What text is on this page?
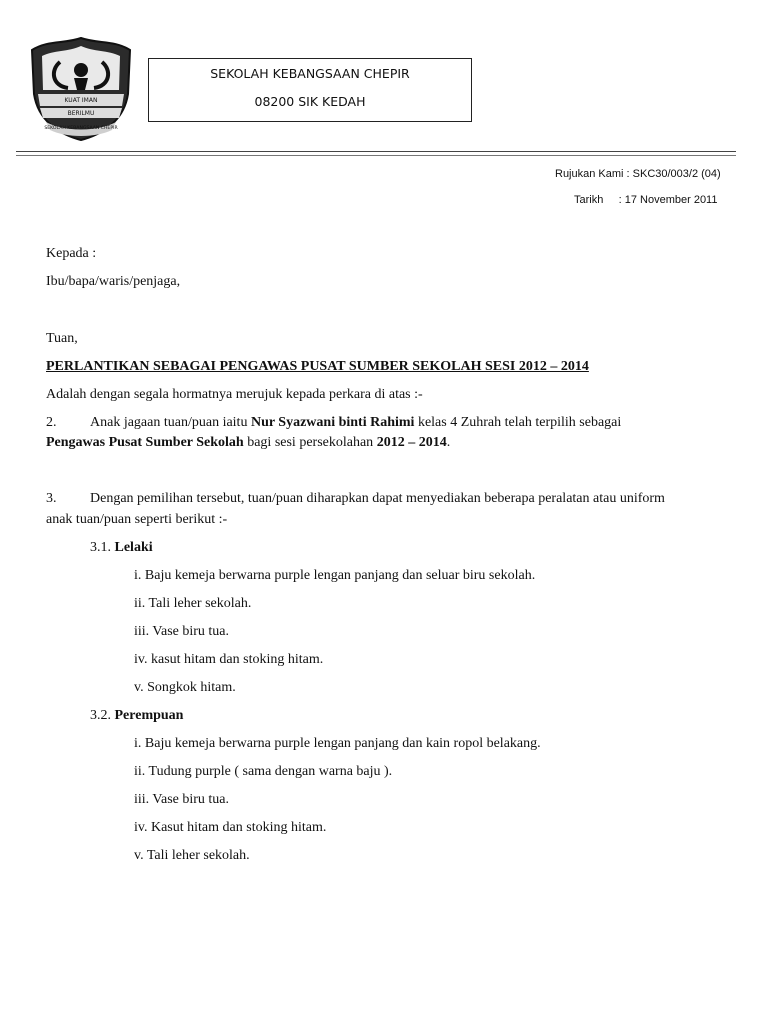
KUAT IMAN
BERILMU
SEKOLAH KEBANGSAAN CHEPIR
SEKOLAH KEBANGSAAN CHEPIR
08200 SIK KEDAH
Rujukan Kami : SKC30/003/2 (04)
Tarikh : 17 November 2011
Kepada :
Ibu/bapa/waris/penjaga,
Tuan,
PERLANTIKAN SEBAGAI PENGAWAS PUSAT SUMBER SEKOLAH SESI 2012 – 2014
Adalah dengan segala hormatnya merujuk kepada perkara di atas :-
2. Anak jagaan tuan/puan iaitu Nur Syazwani binti Rahimi kelas 4 Zuhrah telah terpilih sebagai
Pengawas Pusat Sumber Sekolah bagi sesi persekolahan 2012 – 2014.
3. Dengan pemilihan tersebut, tuan/puan diharapkan dapat menyediakan beberapa peralatan atau uniform
anak tuan/puan seperti berikut :-
3.1. Lelaki
i. Baju kemeja berwarna purple lengan panjang dan seluar biru sekolah.
ii. Tali leher sekolah.
iii. Vase biru tua.
iv. kasut hitam dan stoking hitam.
v. Songkok hitam.
3.2. Perempuan
i. Baju kemeja berwarna purple lengan panjang dan kain ropol belakang.
ii. Tudung purple ( sama dengan warna baju ).
iii. Vase biru tua.
iv. Kasut hitam dan stoking hitam.
v. Tali leher sekolah.
